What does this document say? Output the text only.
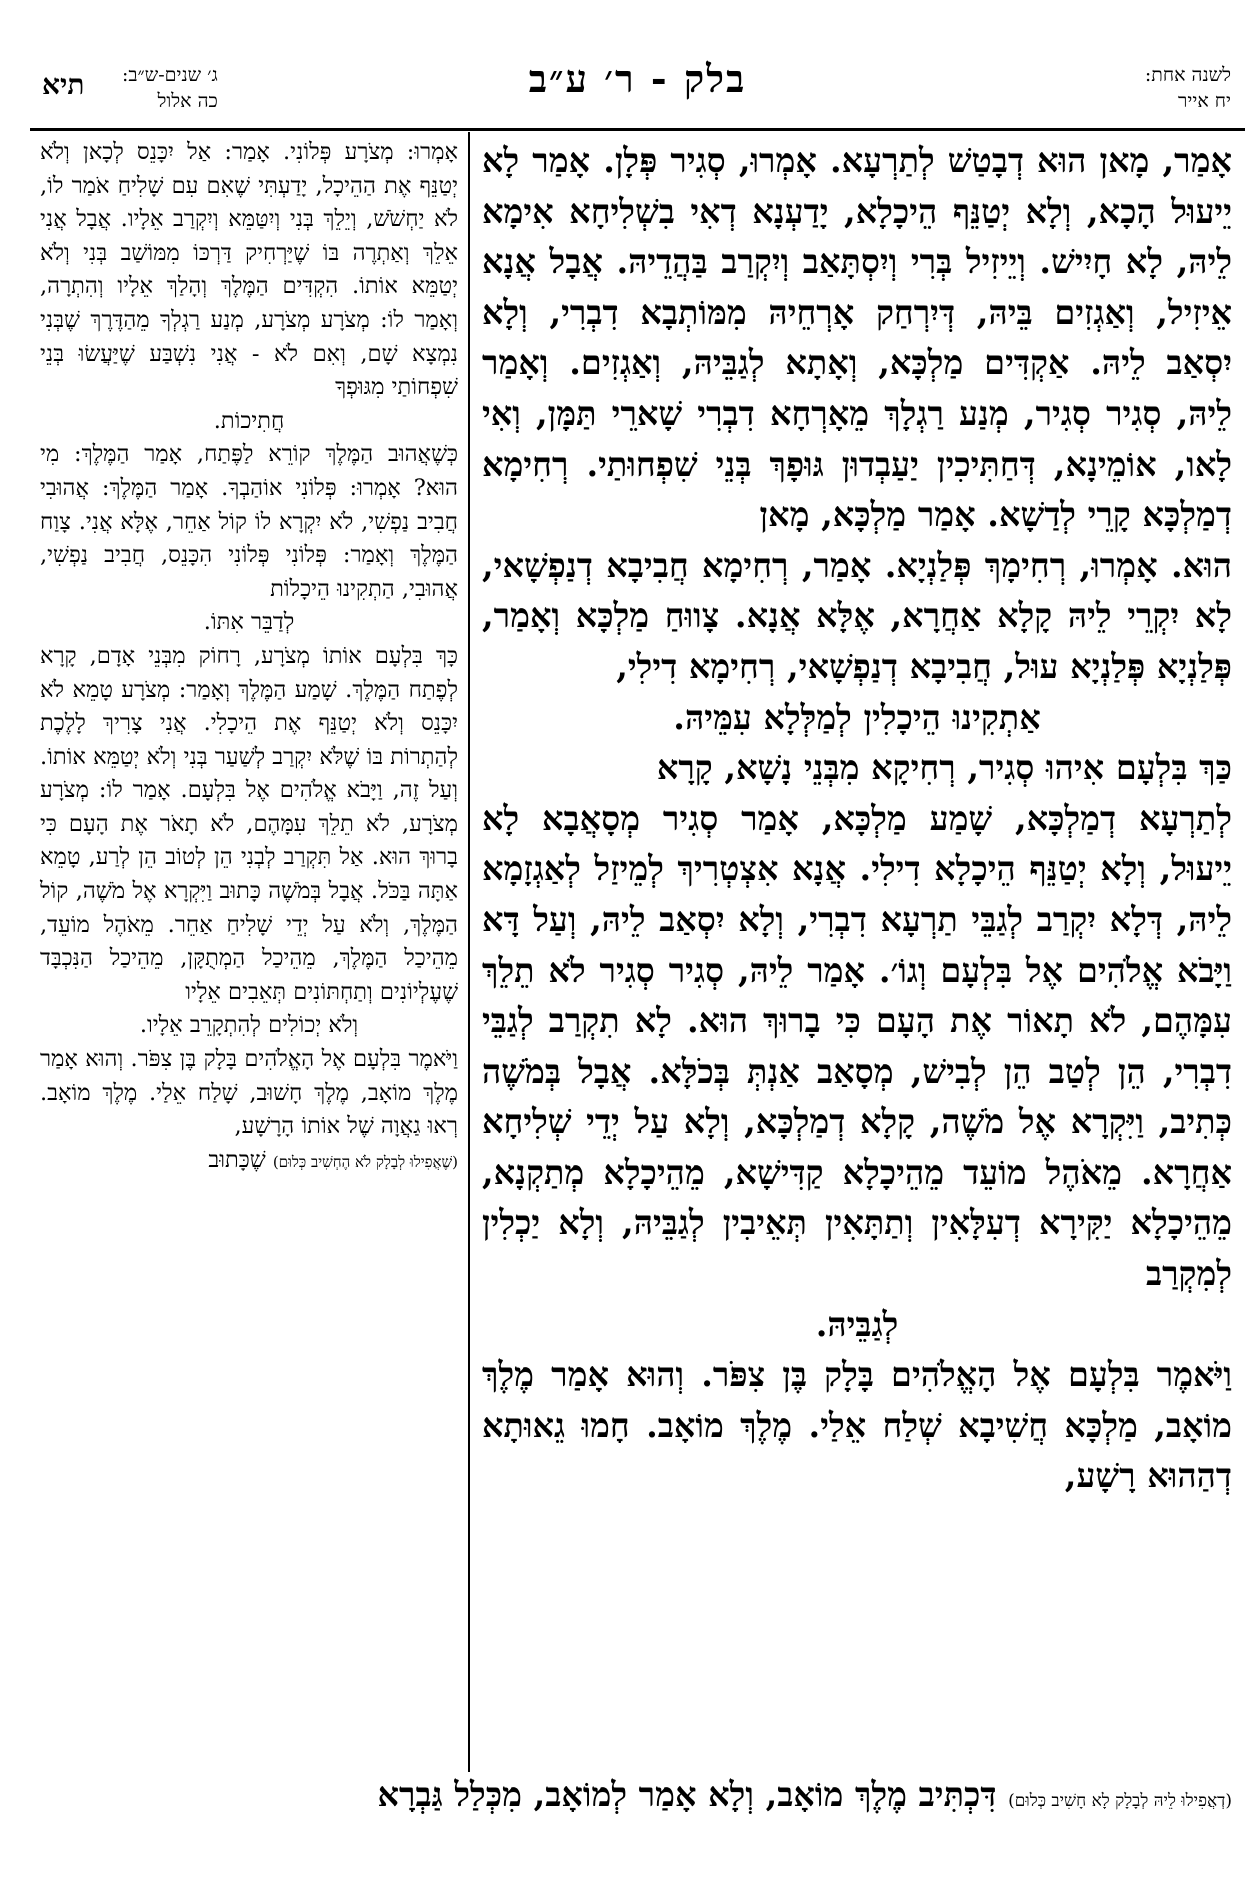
לשנה אחת:
יח אייר
בלק - ר׳ ע״ב
ג׳ שנים-ש״ב:
כה אלול
תיא

אָמַר, מָאן הוּא דְבָטַשׁ לְתַרְעָא. אָמְרוּ, סְגִיר פְּלָן. אָמַר לָא יֵיעוּל הָכָא, וְלָא יְטַנֵּף הֵיכָלָא, יָדַעְנָא דְאִי בִשְׁלִיחָא אִימָא לֵיהּ, לָא חָיִישׁ. וְיֵיזִיל בְּרִי וְיִסְתָּאַב וְיִקְרַב בַּהֲדֵיהּ. אֲבָל אֲנָא אֵיזִיל, וְאַגְזִים בֵּיהּ, דְּיִרְחַק אָרְחֵיהּ מִמּוֹתְבָא דִבְרִי, וְלָא יִסְאַב לֵיהּ. אַקְדִּים מַלְכָּא, וְאָתָא לְגַבֵּיהּ, וְאַגְזִים. וְאָמַר לֵיהּ, סְגִיר סְגִיר, מְנַע רַגְלָךְ מֵאָרְחָא דִבְרִי שָׁארֵי תַּמָּן, וְאִי לָאו, אוֹמֵינָא, דְּחַתִּיכִין יַעַבְדוּן גּוּפָךְ בְּנֵי שִׁפְחוּתַי. רְחִימָא דְמַלְכָּא קָרֵי לְדַשָׁא. אָמַר מַלְכָּא, מָאן

הוּא. אָמְרוּ, רְחִימָךְ פְּלַנְיָא. אָמַר, רְחִימָא חֲבִיבָא דְנַפְשָׁאי, לָא יִקְרֵי לֵיהּ קָלָא אַחֲרָא, אֶלָּא אֲנָא. צָווּחַ מַלְכָּא וְאָמַר, פְּלַנְיָא פְּלַנְיָא עוּל, חֲבִיבָא דְנַפְשָׁאי, רְחִימָא דִילִי,

אַתְקִינוּ הֵיכָלִין לְמַלְּלָא עִמֵּיהּ.

כַּךְ בִּלְעָם אִיהוּ סְגִיר, רְחִיקָא מִבְּנֵי נָשָׁא, קָרָא

לְתַרְעָא דְמַלְכָּא, שָׁמַע מַלְכָּא, אָמַר סְגִיר מְסָאֲבָא לָא יֵיעוּל, וְלָא יְטַנֵּף הֵיכָלָא דִילִי. אֲנָא אִצְטְרִיךְ לְמֵיזַל לְאַגְזָמָא לֵיהּ, דְּלָא יִקְרַב לְגַבֵּי תַרְעָא דִבְרִי, וְלָא יִסְאַב לֵיהּ, וְעַל דָּא וַיָּבֹא אֱלֹהִים אֶל בִּלְעָם וְגוֹ׳. אָמַר לֵיהּ, סְגִיר סְגִיר לֹא תֵלֵךְ עִמָּהֶם, לֹא תָאוֹר אֶת הָעָם כִּי בָרוּךְ הוּא. לָא תִקְרַב לְגַבֵּי דִבְרִי, הֵן לְטַב הֵן לְבִישׁ, מְסָאַב אַנְתְּ בְּכֹלָּא. אֲבָל בְּמֹשֶׁה כְּתִיב, וַיִּקְרָא אֶל מֹשֶׁה, קָלָא דְמַלְכָּא, וְלָא עַל יְדֵי שְׁלִיחָא אַחֲרָא. מֵאֹהֶל מוֹעֵד מֵהֵיכָלָא קַדִּישָׁא, מֵהֵיכָלָא מְתַקְנָא, מֵהֵיכָלָא יַקִּירָא דְעִלָּאִין וְתַתָּאִין תְּאֵיבִין לְגַבֵּיהּ, וְלָא יַכְלִין לְמִקְרַב

לְגַבֵּיהּ.

וַיֹּאמֶר בִּלְעָם אֶל הָאֱלֹהִים בָּלָק בֶּן צִפֹּר. וְהוּא אָמַר מֶלֶךְ מוֹאָב, מַלְכָּא חֲשִׁיבָא שְׁלַח אֵלַי. מֶלֶךְ מוֹאָב. חָמוּ גֵאוּתָא דְהַהוּא רָשָׁע,

אָמְרוּ: מְצֹרָע פְּלוֹנִי. אָמַר: אַל יִכָּנֵס לְכָאן וְלֹא יְטַנֵּף אֶת הַהֵיכָל, יָדַעְתִּי שֶׁאִם עִם שָׁלִיחַ אֹמַר לוֹ, לֹא יַחְשֹׁשׁ, וְיֵלֵךְ בְּנִי וְיִטַּמֵּא וְיִקְרַב אֵלָיו. אֲבָל אֲנִי אֵלֵךְ וְאַתְרֶה בּוֹ שֶׁיַּרְחִיק דַּרְכּוֹ מִמּוֹשַׁב בְּנִי וְלֹא יְטַמֵּא אוֹתוֹ. הִקְדִּים הַמֶּלֶךְ וְהָלַךְ אֵלָיו וְהִתְרָה, וְאָמַר לוֹ: מְצֹרָע מְצֹרָע, מְנַע רַגְלְךָ מֵהַדֶּרֶךְ שֶׁבְּנִי נִמְצָא שָׁם, וְאִם לֹא - אֲנִי נִשְׁבַּע שֶׁיַּעֲשׂוּ בְּנֵי שִׁפְחוֹתַי מִגּוּפְךָ

חֲתִיכוֹת.

כְּשֶׁאֲהוּב הַמֶּלֶךְ קוֹרֵא לַפֶּתַח, אָמַר הַמֶּלֶךְ: מִי הוּא? אָמְרוּ: פְּלוֹנִי אוֹהַבְךָ. אָמַר הַמֶּלֶךְ: אֲהוּבִי חֲבִיב נַפְשִׁי, לֹא יִקְרָא לוֹ קוֹל אַחֵר, אֶלָּא אֲנִי. צָוַח הַמֶּלֶךְ וְאָמַר: פְּלוֹנִי פְּלוֹנִי הִכָּנֵס, חֲבִיב נַפְשִׁי, אֲהוּבִי, הַתְקִינוּ הֵיכָלוֹת

לְדַבֵּר אִתּוֹ.

כָּךְ בִּלְעָם אוֹתוֹ מְצֹרָע, רָחוֹק מִבְּנֵי אָדָם, קָרָא לְפֶתַח הַמֶּלֶךְ. שָׁמַע הַמֶּלֶךְ וְאָמַר: מְצֹרָע טָמֵא לֹא יִכָּנֵס וְלֹא יְטַנֵּף אֶת הֵיכָלִי. אֲנִי צָרִיךְ לָלֶכֶת לְהַתְרוֹת בּוֹ שֶׁלֹּא יִקְרַב לְשַׁעַר בְּנִי וְלֹא יְטַמֵּא אוֹתוֹ. וְעַל זֶה, וַיָּבֹא אֱלֹהִים אֶל בִּלְעָם. אָמַר לוֹ: מְצֹרָע מְצֹרָע, לֹא תֵלֵךְ עִמָּהֶם, לֹא תָאֹר אֶת הָעָם כִּי בָרוּךְ הוּא. אַל תִּקְרַב לְבְנִי הֵן לְטוֹב הֵן לְרַע, טָמֵא אַתָּה בַּכֹּל. אֲבָל בְּמֹשֶׁה כָּתוּב וַיִּקְרָא אֶל מֹשֶׁה, קוֹל הַמֶּלֶךְ, וְלֹא עַל יְדֵי שָׁלִיחַ אַחֵר. מֵאֹהֶל מוֹעֵד, מֵהֵיכַל הַמֶּלֶךְ, מֵהֵיכַל הַמְתֻקָּן, מֵהֵיכַל הַנִּכְבָּד שֶׁעֶלְיוֹנִים וְתַחְתּוֹנִים תְּאֵבִים אֵלָיו

וְלֹא יְכוֹלִים לְהִתְקָרֵב אֵלָיו.

וַיֹּאמֶר בִּלְעָם אֶל הָאֱלֹהִים בָּלָק בֶּן צִפֹּר. וְהוּא אָמַר מֶלֶךְ מוֹאָב, מֶלֶךְ חָשׁוּב, שָׁלַח אֵלַי. מֶלֶךְ מוֹאָב. רְאוּ גַאֲוָה שֶׁל אוֹתוֹ הָרָשָׁע,

(שֶׁאֲפִילוּ לְבָלָק לֹא הֶחְשִׁיב כְּלוּם) שֶׁכָּתוּב

(דְאֲפִילוּ לֵיהּ לְבָלָק לָא חָשִׁיב כְּלוּם) דִּכְתִּיב מֶלֶךְ מוֹאָב, וְלָא אָמַר לְמוֹאָב, מִכְּלַל גַּבְרָא
